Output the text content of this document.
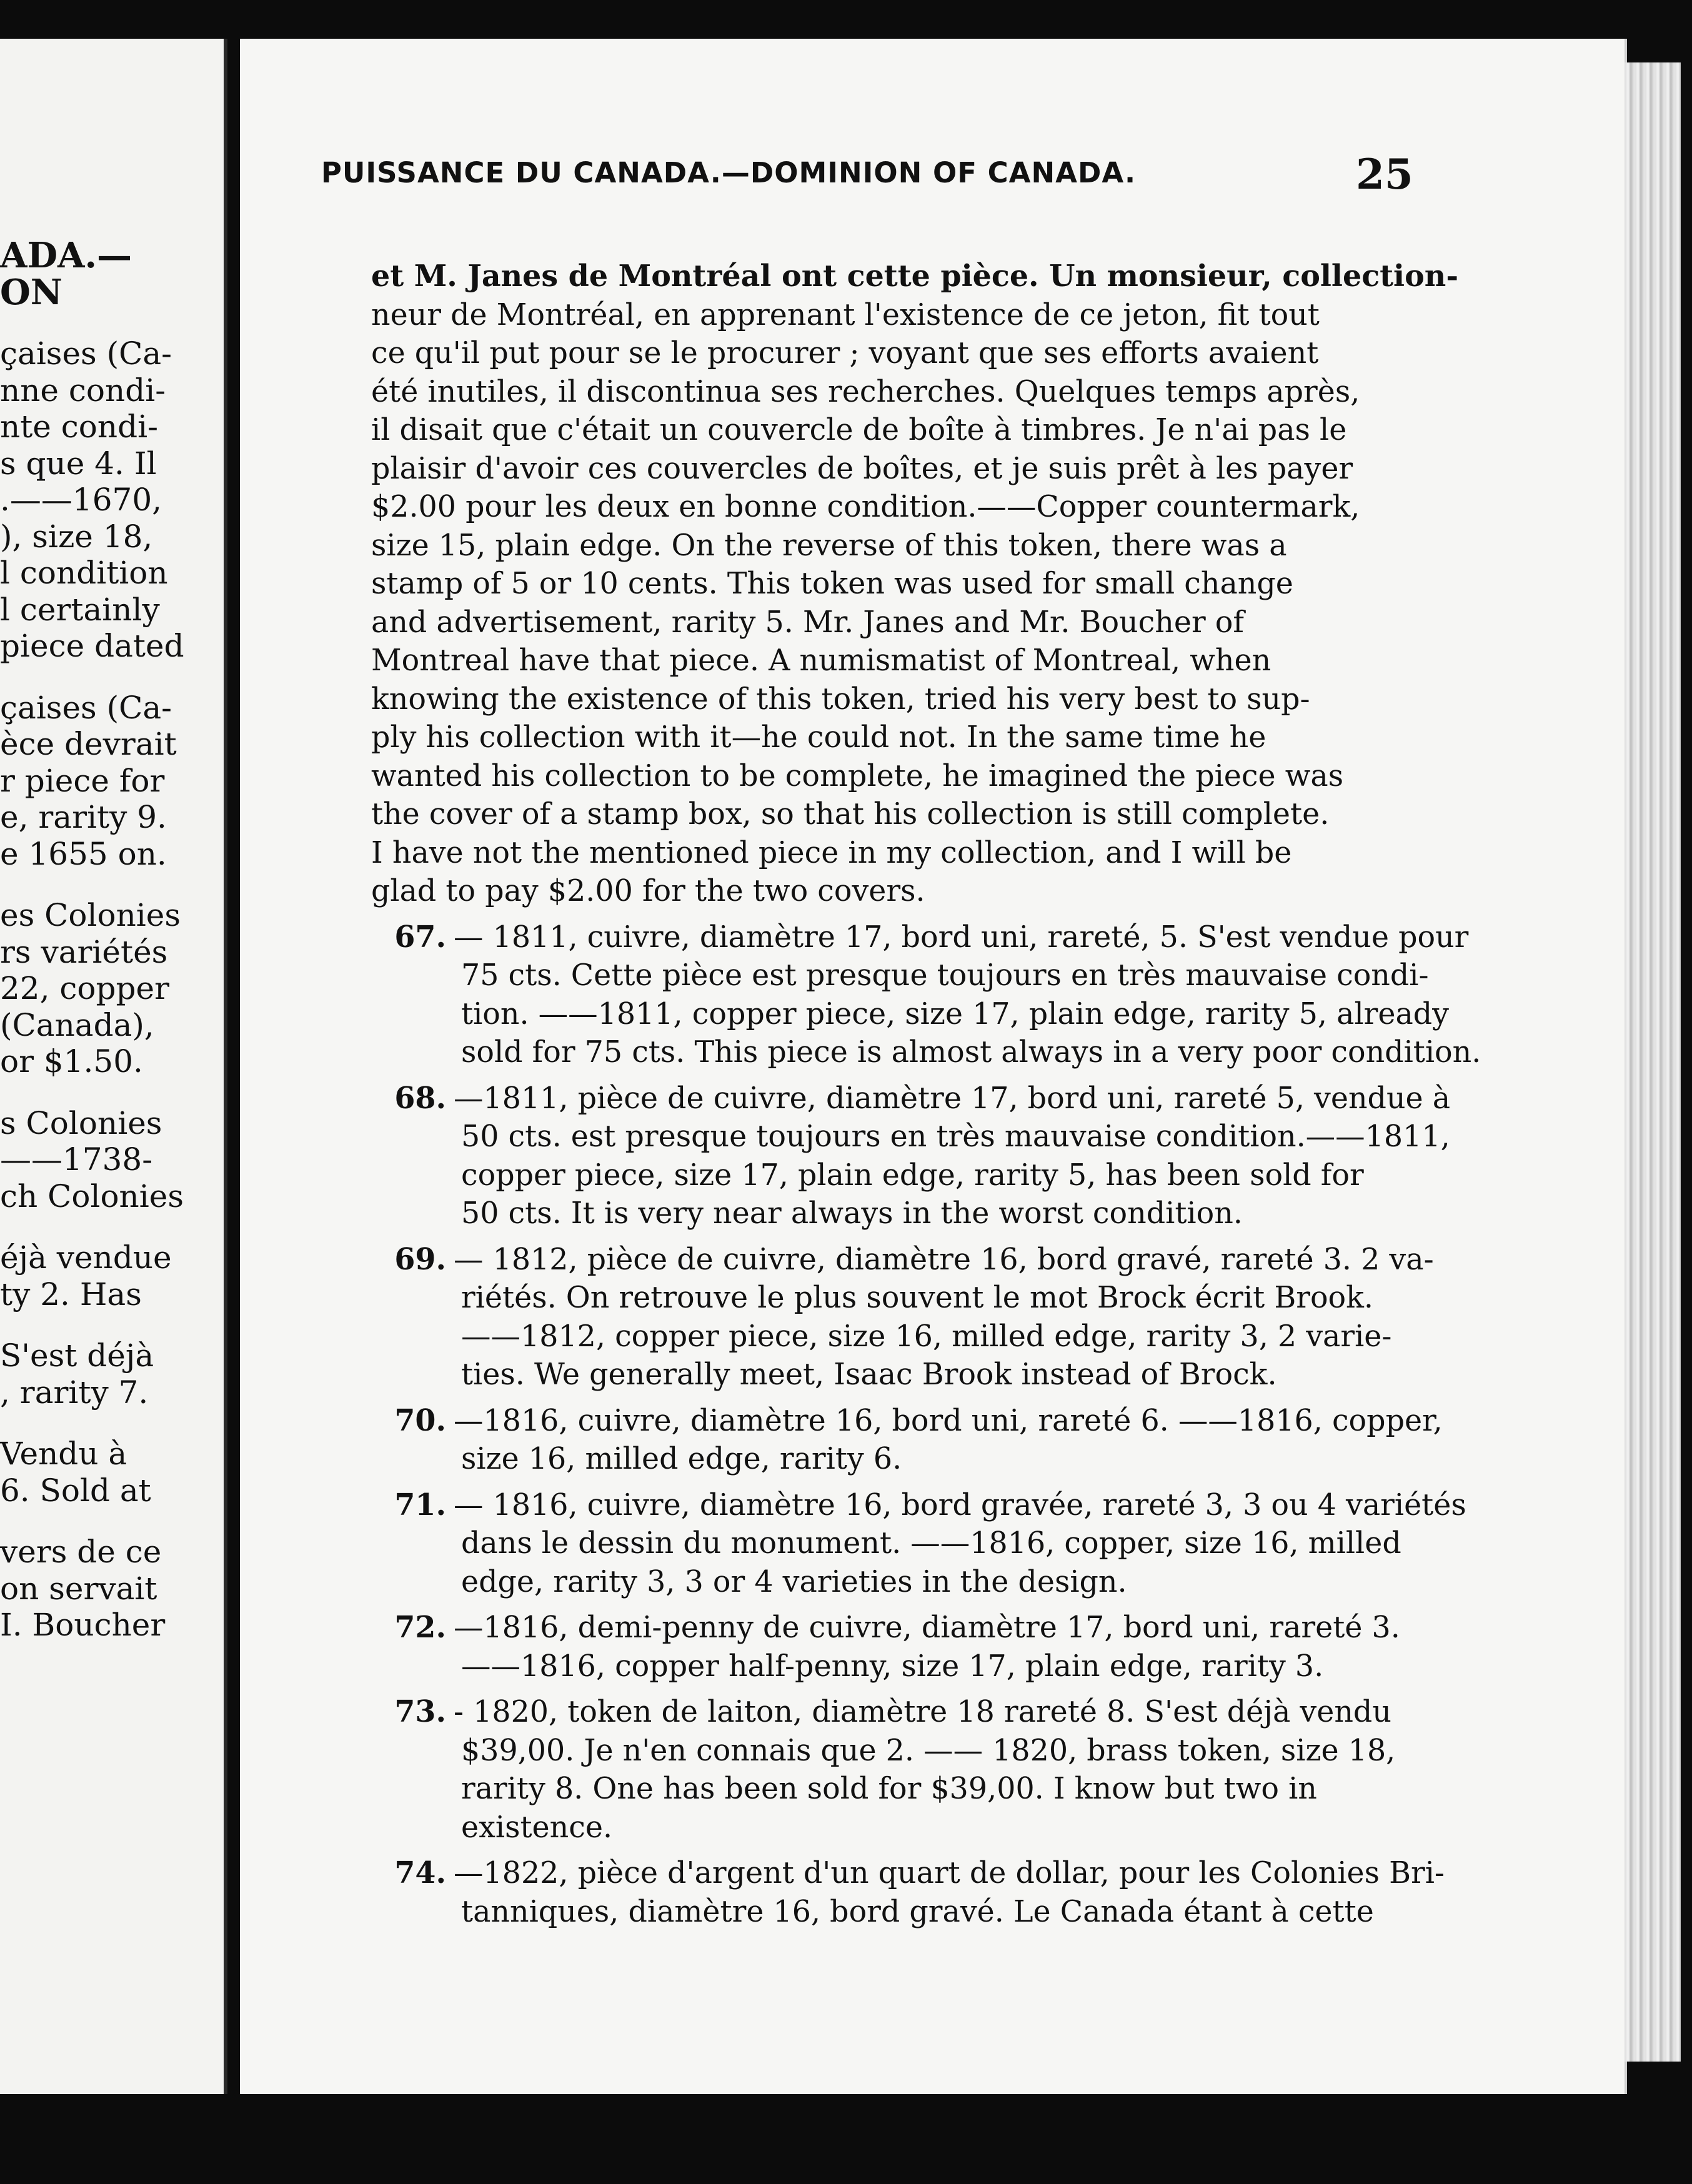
ADA.—
ON
çaises (Ca-
nne condi-
nte condi-
s que 4. Il
.——1670,
), size 18,
l condition
l certainly
piece dated
çaises (Ca-
èce devrait
r piece for
e, rarity 9.
e 1655 on.
es Colonies
rs variétés
22, copper
(Canada),
or $1.50.
s Colonies
——1738-
ch Colonies
éjà vendue
ty 2. Has
S'est déjà
, rarity 7.
Vendu à
6. Sold at
vers de ce
on servait
I. Boucher
et M. Janes de Montréal ont cette pièce. Un monsieur, collection-
neur de Montréal, en apprenant l'existence de ce jeton, fit tout
ce qu'il put pour se le procurer ; voyant que ses efforts avaient
été inutiles, il discontinua ses recherches. Quelques temps après,
il disait que c'était un couvercle de boîte à timbres. Je n'ai pas le
plaisir d'avoir ces couvercles de boîtes, et je suis prêt à les payer
$2.00 pour les deux en bonne condition.——Copper countermark,
size 15, plain edge. On the reverse of this token, there was a
stamp of 5 or 10 cents. This token was used for small change
and advertisement, rarity 5. Mr. Janes and Mr. Boucher of
Montreal have that piece. A numismatist of Montreal, when
knowing the existence of this token, tried his very best to sup-
ply his collection with it—he could not. In the same time he
wanted his collection to be complete, he imagined the piece was
the cover of a stamp box, so that his collection is still complete.
I have not the mentioned piece in my collection, and I will be
glad to pay $2.00 for the two covers.
67. — 1811, cuivre, diamètre 17, bord uni, rareté, 5. S'est vendue pour
75 cts. Cette pièce est presque toujours en très mauvaise condi-
tion. ——1811, copper piece, size 17, plain edge, rarity 5, already
sold for 75 cts. This piece is almost always in a very poor condition.
68. —1811, pièce de cuivre, diamètre 17, bord uni, rareté 5, vendue à
50 cts. est presque toujours en très mauvaise condition.——1811,
copper piece, size 17, plain edge, rarity 5, has been sold for
50 cts. It is very near always in the worst condition.
69. — 1812, pièce de cuivre, diamètre 16, bord gravé, rareté 3. 2 va-
riétés. On retrouve le plus souvent le mot Brock écrit Brook.
——1812, copper piece, size 16, milled edge, rarity 3, 2 varie-
ties. We generally meet, Isaac Brook instead of Brock.
70. —1816, cuivre, diamètre 16, bord uni, rareté 6. ——1816, copper,
size 16, milled edge, rarity 6.
71. — 1816, cuivre, diamètre 16, bord gravée, rareté 3, 3 ou 4 variétés
dans le dessin du monument. ——1816, copper, size 16, milled
edge, rarity 3, 3 or 4 varieties in the design.
72. —1816, demi-penny de cuivre, diamètre 17, bord uni, rareté 3.
——1816, copper half-penny, size 17, plain edge, rarity 3.
73. - 1820, token de laiton, diamètre 18 rareté 8. S'est déjà vendu
$39,00. Je n'en connais que 2. —— 1820, brass token, size 18,
rarity 8. One has been sold for $39,00. I know but two in
existence.
74. —1822, pièce d'argent d'un quart de dollar, pour les Colonies Bri-
tanniques, diamètre 16, bord gravé. Le Canada étant à cette
PUISSANCE DU CANADA.—DOMINION OF CANADA.	25
